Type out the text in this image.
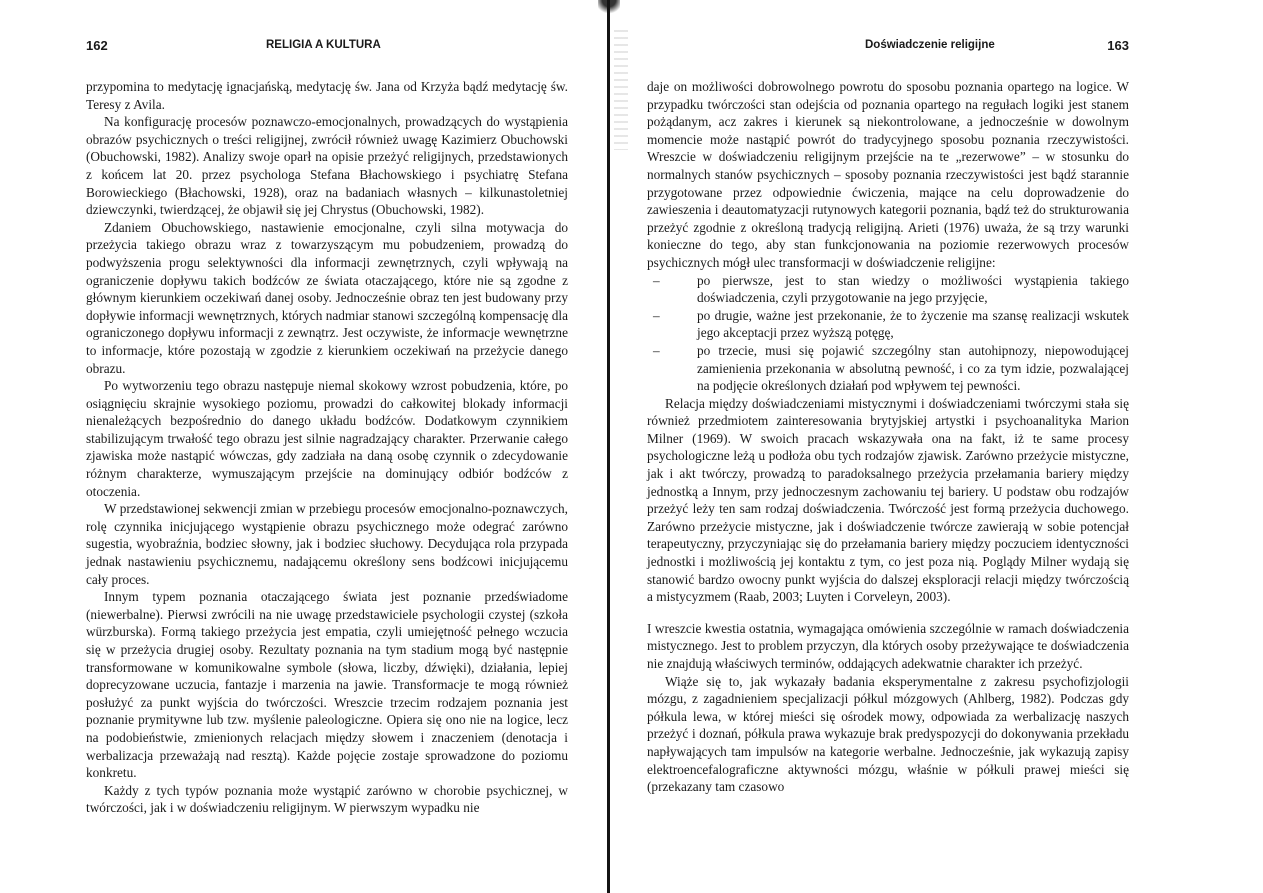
162	RELIGIA A KULTURA

przypomina to medytację ignacjańską, medytację św. Jana od Krzyża bądź medytację św. Teresy z Avila.

Na konfigurację procesów poznawczo-emocjonalnych, prowadzących do wystąpienia obrazów psychicznych o treści religijnej, zwrócił również uwagę Kazimierz Obuchowski (Obuchowski, 1982). Analizy swoje oparł na opisie przeżyć religijnych, przedstawionych z końcem lat 20. przez psychologa Stefana Błachowskiego i psychiatrę Stefana Borowieckiego (Błachowski, 1928), oraz na badaniach własnych – kilkunastoletniej dziewczynki, twierdzącej, że objawił się jej Chrystus (Obuchowski, 1982).

Zdaniem Obuchowskiego, nastawienie emocjonalne, czyli silna motywacja do przeżycia takiego obrazu wraz z towarzyszącym mu pobudzeniem, prowadzą do podwyższenia progu selektywności dla informacji zewnętrznych, czyli wpływają na ograniczenie dopływu takich bodźców ze świata otaczającego, które nie są zgodne z głównym kierunkiem oczekiwań danej osoby. Jednocześnie obraz ten jest budowany przy dopływie informacji wewnętrznych, których nadmiar stanowi szczególną kompensację dla ograniczonego dopływu informacji z zewnątrz. Jest oczywiste, że informacje wewnętrzne to informacje, które pozostają w zgodzie z kierunkiem oczekiwań na przeżycie danego obrazu.

Po wytworzeniu tego obrazu następuje niemal skokowy wzrost pobudzenia, które, po osiągnięciu skrajnie wysokiego poziomu, prowadzi do całkowitej blokady informacji nienależących bezpośrednio do danego układu bodźców. Dodatkowym czynnikiem stabilizującym trwałość tego obrazu jest silnie nagradzający charakter. Przerwanie całego zjawiska może nastąpić wówczas, gdy zadziała na daną osobę czynnik o zdecydowanie różnym charakterze, wymuszającym przejście na dominujący odbiór bodźców z otoczenia.

W przedstawionej sekwencji zmian w przebiegu procesów emocjonalno-poznawczych, rolę czynnika inicjującego wystąpienie obrazu psychicznego może odegrać zarówno sugestia, wyobraźnia, bodziec słowny, jak i bodziec słuchowy. Decydująca rola przypada jednak nastawieniu psychicznemu, nadającemu określony sens bodźcowi inicjującemu cały proces.

Innym typem poznania otaczającego świata jest poznanie przedświadome (niewerbalne). Pierwsi zwrócili na nie uwagę przedstawiciele psychologii czystej (szkoła würzburska). Formą takiego przeżycia jest empatia, czyli umiejętność pełnego wczucia się w przeżycia drugiej osoby. Rezultaty poznania na tym stadium mogą być następnie transformowane w komunikowalne symbole (słowa, liczby, dźwięki), działania, lepiej doprecyzowane uczucia, fantazje i marzenia na jawie. Transformacje te mogą również posłużyć za punkt wyjścia do twórczości. Wreszcie trzecim rodzajem poznania jest poznanie prymitywne lub tzw. myślenie paleologiczne. Opiera się ono nie na logice, lecz na podobieństwie, zmienionych relacjach między słowem i znaczeniem (denotacja i werbalizacja przeważają nad resztą). Każde pojęcie zostaje sprowadzone do poziomu konkretu.

Każdy z tych typów poznania może wystąpić zarówno w chorobie psychicznej, w twórczości, jak i w doświadczeniu religijnym. W pierwszym wypadku nie

Doświadczenie religijne	163

daje on możliwości dobrowolnego powrotu do sposobu poznania opartego na logice. W przypadku twórczości stan odejścia od poznania opartego na regułach logiki jest stanem pożądanym, acz zakres i kierunek są niekontrolowane, a jednocześnie w dowolnym momencie może nastąpić powrót do tradycyjnego sposobu poznania rzeczywistości. Wreszcie w doświadczeniu religijnym przejście na te „rezerwowe” – w stosunku do normalnych stanów psychicznych – sposoby poznania rzeczywistości jest bądź starannie przygotowane przez odpowiednie ćwiczenia, mające na celu doprowadzenie do zawieszenia i deautomatyzacji rutynowych kategorii poznania, bądź też do strukturowania przeżyć zgodnie z określoną tradycją religijną. Arieti (1976) uważa, że są trzy warunki konieczne do tego, aby stan funkcjonowania na poziomie rezerwowych procesów psychicznych mógł ulec transformacji w doświadczenie religijne:

–	po pierwsze, jest to stan wiedzy o możliwości wystąpienia takiego doświadczenia, czyli przygotowanie na jego przyjęcie,
–	po drugie, ważne jest przekonanie, że to życzenie ma szansę realizacji wskutek jego akceptacji przez wyższą potęgę,
–	po trzecie, musi się pojawić szczególny stan autohipnozy, niepowodującej zamienienia przekonania w absolutną pewność, i co za tym idzie, pozwalającej na podjęcie określonych działań pod wpływem tej pewności.

Relacja między doświadczeniami mistycznymi i doświadczeniami twórczymi stała się również przedmiotem zainteresowania brytyjskiej artystki i psychoanalityka Marion Milner (1969). W swoich pracach wskazywała ona na fakt, iż te same procesy psychologiczne leżą u podłoża obu tych rodzajów zjawisk. Zarówno przeżycie mistyczne, jak i akt twórczy, prowadzą to paradoksalnego przeżycia przełamania bariery między jednostką a Innym, przy jednoczesnym zachowaniu tej bariery. U podstaw obu rodzajów przeżyć leży ten sam rodzaj doświadczenia. Twórczość jest formą przeżycia duchowego. Zarówno przeżycie mistyczne, jak i doświadczenie twórcze zawierają w sobie potencjał terapeutyczny, przyczyniając się do przełamania bariery między poczuciem identyczności jednostki i możliwością jej kontaktu z tym, co jest poza nią. Poglądy Milner wydają się stanowić bardzo owocny punkt wyjścia do dalszej eksploracji relacji między twórczością a mistycyzmem (Raab, 2003; Luyten i Corveleyn, 2003).

I wreszcie kwestia ostatnia, wymagająca omówienia szczególnie w ramach doświadczenia mistycznego. Jest to problem przyczyn, dla których osoby przeżywające te doświadczenia nie znajdują właściwych terminów, oddających adekwatnie charakter ich przeżyć.

Wiąże się to, jak wykazały badania eksperymentalne z zakresu psychofizjologii mózgu, z zagadnieniem specjalizacji półkul mózgowych (Ahlberg, 1982). Podczas gdy półkula lewa, w której mieści się ośrodek mowy, odpowiada za werbalizację naszych przeżyć i doznań, półkula prawa wykazuje brak predyspozycji do dokonywania przekładu napływających tam impulsów na kategorie werbalne. Jednocześnie, jak wykazują zapisy elektroencefalograficzne aktywności mózgu, właśnie w półkuli prawej mieści się (przekazany tam czasowo
